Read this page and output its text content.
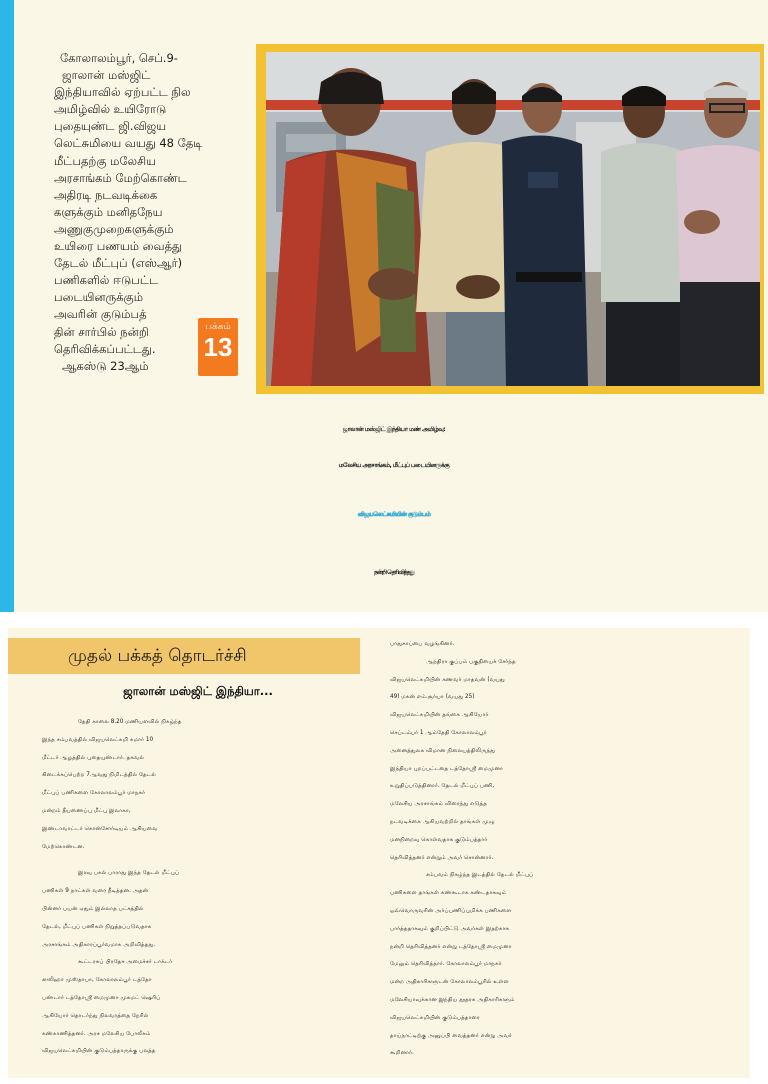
கோலாலம்பூர், செப்.9-
ஜாலான் மஸ்ஜிட்
இந்தியாவில் ஏற்பட்ட நில
அமிழ்வில் உயிரோடு
புதையுண்ட ஜி.விஜய
லெட்சுமியை வயது 48 தேடி
மீட்பதற்கு மலேசிய
அரசாங்கம் மேற்கொண்ட
அதிரடி நடவடிக்கை
களுக்கும் மனிதநேய
அணுகுமுறைகளுக்கும்
உயிரை பணயம் வைத்து
தேடல் மீட்புப் (எஸ்ஆர்)
பணிகளில் ஈடுபட்ட
படையினருக்கும்
அவரின் குடும்பத்
தின் சார்பில் நன்றி
தெரிவிக்கப்பட்டது.
ஆகஸ்டு 23ஆம்
பக்கம்
13
ஜாலான் மஸ்ஜிட் இந்தியா மண் அமிழ்வு:
மலேசிய அரசாங்கம், மீட்புப் படையினருக்கு
விஜயலெட்சுமியின் குடும்பம்
நன்றி தெரிவித்தது
முதல் பக்கத் தொடர்ச்சி
ஜாலான் மஸ்ஜிட் இந்தியா...
தேதி காலை 8.20 மணியளவில் நிகழ்ந்த
இந்த சம்பவத்தில் விஜயலெட்சுமி சுமார் 10
மீட்டர் ஆழத்தில் புதையுண்டார். தகவல்
கிடைக்கப்பெற்ற 7ஆவது நிமிடத்தில் தேடல்
மீட்புப் பணிகளை கோலாலம்பூர் மாநகர்
மன்றம் தீயணைப்பு மீட்பு இலாகா,
இண்டாவாட்டர் கொன்சோர்டியம் ஆகியவை
மேற்கொண்டன.
இரவு பகல் பாராது இந்த தேடல் மீட்புப்
பணிகள் 9 நாட்கள் வரை நீடித்தன. அதன்
பின்னர் பயன் ஏதும் இல்லாத பட்சத்தில்
தேடல், மீட்புப் பணிகள் நிறுத்தப்படுவதாக
அரசாங்கம் அதிகாரப்பூர்வமாக அறிவித்தது.
கூட்டரசுப் பிரதேச அமைச்சர் டாக்டர்
ஸலிஹா முஸ்தாபா, கோலாலம்பூர் டத்தோ
பண்டார் டத்தோஸ்ரீ மைமுனா முகமட் ஷெரிப்
ஆகியோர் தொடர்ந்து நிலவரத்தை நேரில்
கண்காணித்தனர். அரச மலேசிய போலீசும்
விஜயலெட்சுமியின் குடும்பத்தாருக்கு பலத்த
பாதுகாப்பை வழங்கினர்.
ஆந்திரா குப்பம் பகுதியைச் சேர்ந்த
விஜயலெட்சுமியின் கணவர் மாதவன் (வயது
49) மகன் எம்.சூர்யா (வயது 25)
விஜயலெட்சுமியின் தங்கை ஆகியோர்
செப்டம்பர் 1 ஆம்தேதி கோலாலம்பூர்
அனைத்துலக விமான நிலையத்திலிருந்து
இந்தியா புறப்பட்டதை டத்தோஸ்ரீ மைமுனா
உறுதிப்படுத்தினார். தேடல் மீட்புப் பணி,
மலேசிய அரசாங்கம் விரைந்து எடுத்த
நடவடிக்கை ஆகியவற்றில் தாங்கள் முழு
மனநிறைவு கொள்வதாக குடும்பத்தார்
தெரிவித்தனர் என்றும் அவர் சொன்னார்.
சம்பவம் நிகழ்ந்த இடத்தில் தேடல் மீட்புப்
பணிகளை தாங்கள் கண்கூடாக கண்டதாகவும்
ஒவ்வொருவரின் அர்ப்பணிப்புமிக்க பணிகளை
பார்த்ததாகவும் குறிப்பிட்டு அவர்கள் இதற்காக
நன்றி தெரிவித்தனர் என்று டத்தோஸ்ரீ மைமுனா
மேலும் தெரிவித்தார். கோலாலம்பூர் மாநகர்
மன்ற அதிகாரிகளுடன் கோலாலம்பூரில் உள்ள
மலேசியாவுக்கான இந்திய தூதரக அதிகாரிகளும்
விஜயலெட்சுமியின் குடும்பத்தாரை
தாய்நாட்டிற்கு அனுப்பி வைத்தனர் என்று அவர்
கூறினார்.
